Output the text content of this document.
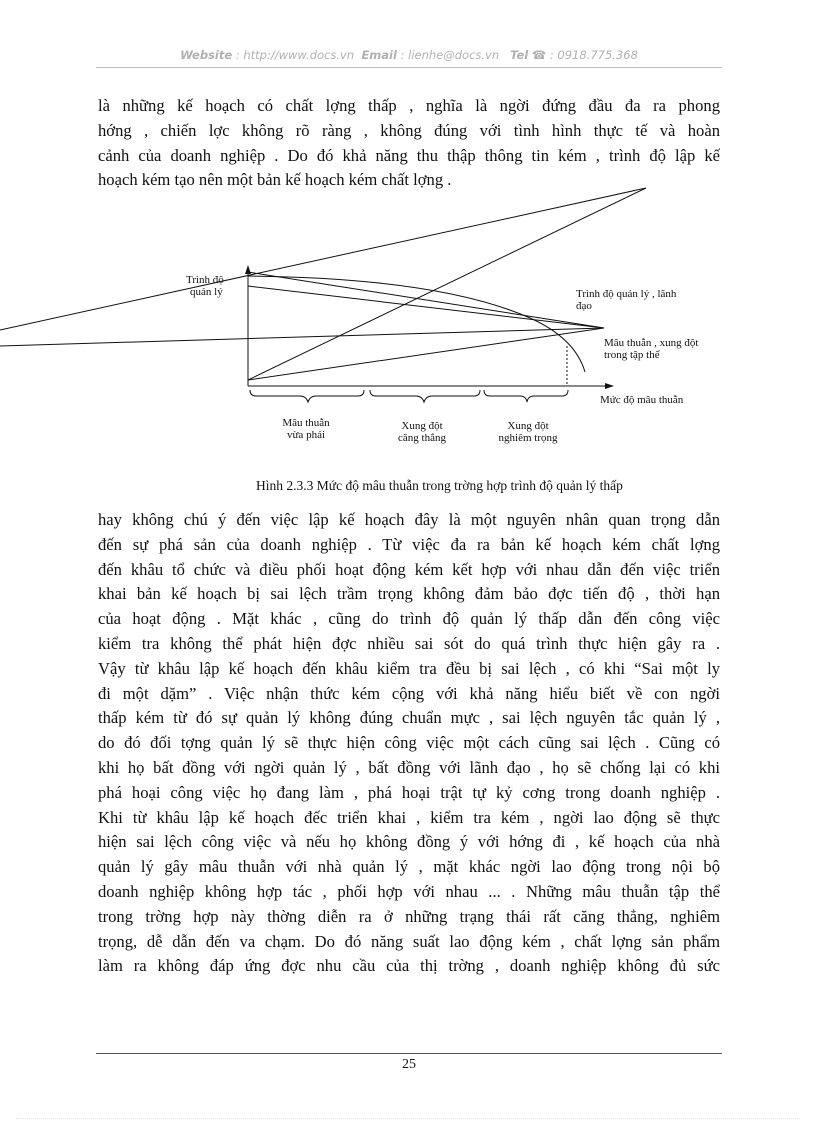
Website : http://www.docs.vn Email : lienhe@docs.vn Tel ☎ : 0918.775.368
là những kế hoạch có chất lợng thấp , nghĩa là ngời đứng đầu đa ra phong
hớng , chiến lợc không rõ ràng , không đúng với tình hình thực tế và hoàn
cảnh của doanh nghiệp . Do đó khả năng thu thập thông tin kém , trình độ lập kế
hoạch kém tạo nên một bản kế hoạch kém chất lợng .
Trình độ
quản lý	Trình độ quản lý , lãnh
đạo
Mâu thuẫn , xung đột
trong tập thể
Mức độ mâu thuẫn
Mâu thuẫn
vừa phải
Xung đột
căng thẳng
Xung đột
nghiêm trọng
Hình 2.3.3 Mức độ mâu thuẫn trong trờng hợp trình độ quản lý thấp
hay không chú ý đến việc lập kế hoạch đây là một nguyên nhân quan trọng dẫn
đến sự phá sản của doanh nghiệp . Từ việc đa ra bản kế hoạch kém chất lợng
đến khâu tổ chức và điều phối hoạt động kém kết hợp với nhau dẫn đến việc triển
khai bản kế hoạch bị sai lệch trầm trọng không đảm bảo đợc tiến độ , thời hạn
của hoạt động . Mặt khác , cũng do trình độ quản lý thấp dẫn đến công việc
kiểm tra không thể phát hiện đợc nhiều sai sót do quá trình thực hiện gây ra .
Vậy từ khâu lập kế hoạch đến khâu kiểm tra đều bị sai lệch , có khi “Sai một ly
đi một dặm” . Việc nhận thức kém cộng với khả năng hiểu biết về con ngời
thấp kém từ đó sự quản lý không đúng chuẩn mực , sai lệch nguyên tắc quản lý ,
do đó đối tợng quản lý sẽ thực hiện công việc một cách cũng sai lệch . Cũng có
khi họ bất đồng với ngời quản lý , bất đồng với lãnh đạo , họ sẽ chống lại có khi
phá hoại công việc họ đang làm , phá hoại trật tự kỷ cơng trong doanh nghiệp .
Khi từ khâu lập kế hoạch đếc triển khai , kiểm tra kém , ngời lao động sẽ thực
hiện sai lệch công việc và nếu họ không đồng ý với hớng đi , kế hoạch của nhà
quản lý gây mâu thuẫn với nhà quản lý , mặt khác ngời lao động trong nội bộ
doanh nghiệp không hợp tác , phối hợp với nhau ... . Những mâu thuẫn tập thể
trong trờng hợp này thờng diễn ra ở những trạng thái rất căng thẳng, nghiêm
trọng, dễ dẫn đến va chạm. Do đó năng suất lao động kém , chất lợng sản phẩm
làm ra không đáp ứng đợc nhu cầu của thị trờng , doanh nghiệp không đủ sức
25
